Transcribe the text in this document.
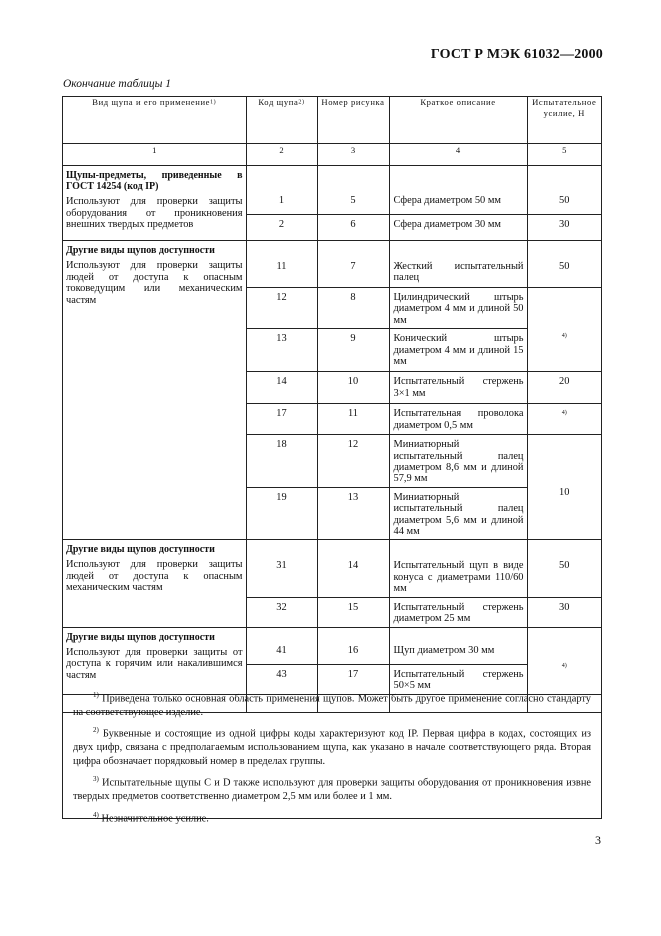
ГОСТ Р МЭК 61032—2000
Окончание таблицы 1
Вид щупа и его применение1)	Код щупа2)	Номер рисунка	Краткое описание	Испытательное усилие, Н
1	2	3	4	5

Щупы-предметы, приведенные в ГОСТ 14254 (код IP)
Используют для проверки защиты оборудования от проникновения внешних твердых предметов	1	5	Сфера диаметром 50 мм	50
	2	6	Сфера диаметром 30 мм	30

Другие виды щупов доступности
Используют для проверки защиты людей от доступа к опасным токоведущим или механическим частям	11	7	Жесткий испытательный палец	50
	12	8	Цилиндрический штырь диаметром 4 мм и длиной 50 мм	4)
	13	9	Конический штырь диаметром 4 мм и длиной 15 мм	
	14	10	Испытательный стержень 3×1 мм	20
	17	11	Испытательная проволока диаметром 0,5 мм	4)
	18	12	Миниатюрный испытательный палец диаметром 8,6 мм и длиной 57,9 мм	10
	19	13	Миниатюрный испытательный палец диаметром 5,6 мм и длиной 44 мм	

Другие виды щупов доступности
Используют для проверки защиты людей от доступа к опасным механическим частям	31	14	Испытательный щуп в виде конуса с диаметрами 110/60 мм	50
	32	15	Испытательный стержень диаметром 25 мм	30

Другие виды щупов доступности
Используют для проверки защиты от доступа к горячим или накалившимся частям	41	16	Щуп диаметром 30 мм	4)
	43	17	Испытательный стержень 50×5 мм	

$^{1)}$ Приведена только основная область применения щупов. Может быть другое применение согласно стандарту на соответствующее изделие.

$^{2)}$ Буквенные и состоящие из одной цифры коды характеризуют код IP. Первая цифра в кодах, состоящих из двух цифр, связана с предполагаемым использованием щупа, как указано в начале соответствующего ряда. Вторая цифра обозначает порядковый номер в пределах группы.

$^{3)}$ Испытательные щупы C и D также используют для проверки защиты оборудования от проникновения извне твердых предметов соответственно диаметром 2,5 мм или более и 1 мм.

$^{4)}$ Незначительное усилие.

3
